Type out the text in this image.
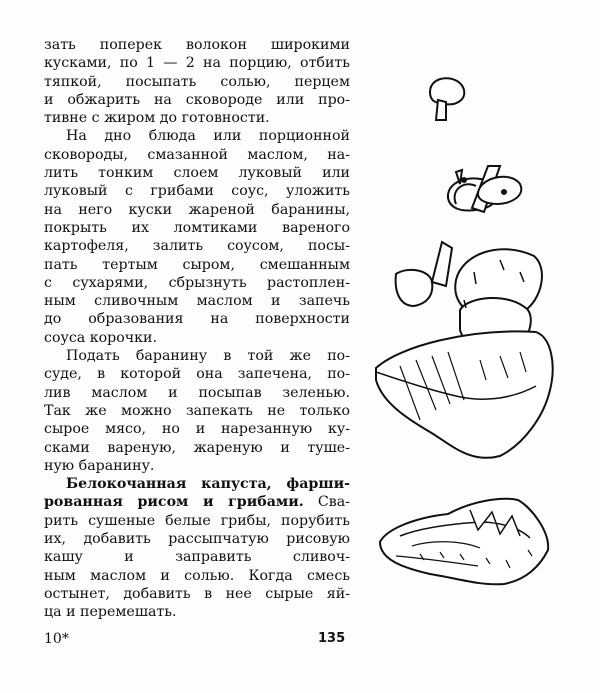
зать поперек волокон широкими
кусками, по 1 — 2 на порцию, отбить
тяпкой, посыпать солью, перцем
и обжарить на сковороде или про-
тивне с жиром до готовности.
На дно блюда или порционной
сковороды, смазанной маслом, на-
лить тонким слоем луковый или
луковый с грибами соус, уложить
на него куски жареной баранины,
покрыть их ломтиками вареного
картофеля, залить соусом, посы-
пать тертым сыром, смешанным
с сухарями, сбрызнуть растоплен-
ным сливочным маслом и запечь
до образования на поверхности
соуса корочки.
Подать баранину в той же по-
суде, в которой она запечена, по-
лив маслом и посыпав зеленью.
Так же можно запекать не только
сырое мясо, но и нарезанную ку-
сками вареную, жареную и туше-
ную баранину.
Белокочанная капуста, фарши-
рованная рисом и грибами. Сва-
рить сушеные белые грибы, порубить
их, добавить рассыпчатую рисовую
кашу и заправить сливоч-
ным маслом и солью. Когда смесь
остынет, добавить в нее сырые яй-
ца и перемешать.
10*	135
